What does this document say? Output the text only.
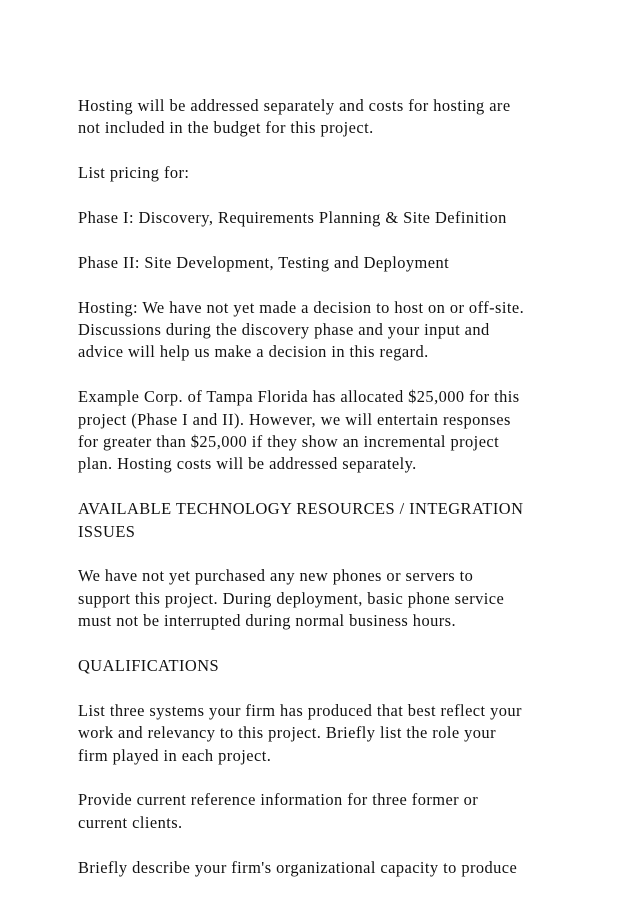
Hosting will be addressed separately and costs for hosting are
not included in the budget for this project.

List pricing for:

Phase I: Discovery, Requirements Planning & Site Definition

Phase II: Site Development, Testing and Deployment

Hosting: We have not yet made a decision to host on or off-site.
Discussions during the discovery phase and your input and
advice will help us make a decision in this regard.

Example Corp. of Tampa Florida has allocated $25,000 for this
project (Phase I and II). However, we will entertain responses
for greater than $25,000 if they show an incremental project
plan. Hosting costs will be addressed separately.

AVAILABLE TECHNOLOGY RESOURCES / INTEGRATION
ISSUES

We have not yet purchased any new phones or servers to
support this project. During deployment, basic phone service
must not be interrupted during normal business hours.

QUALIFICATIONS

List three systems your firm has produced that best reflect your
work and relevancy to this project. Briefly list the role your
firm played in each project.

Provide current reference information for three former or
current clients.

Briefly describe your firm's organizational capacity to produce
